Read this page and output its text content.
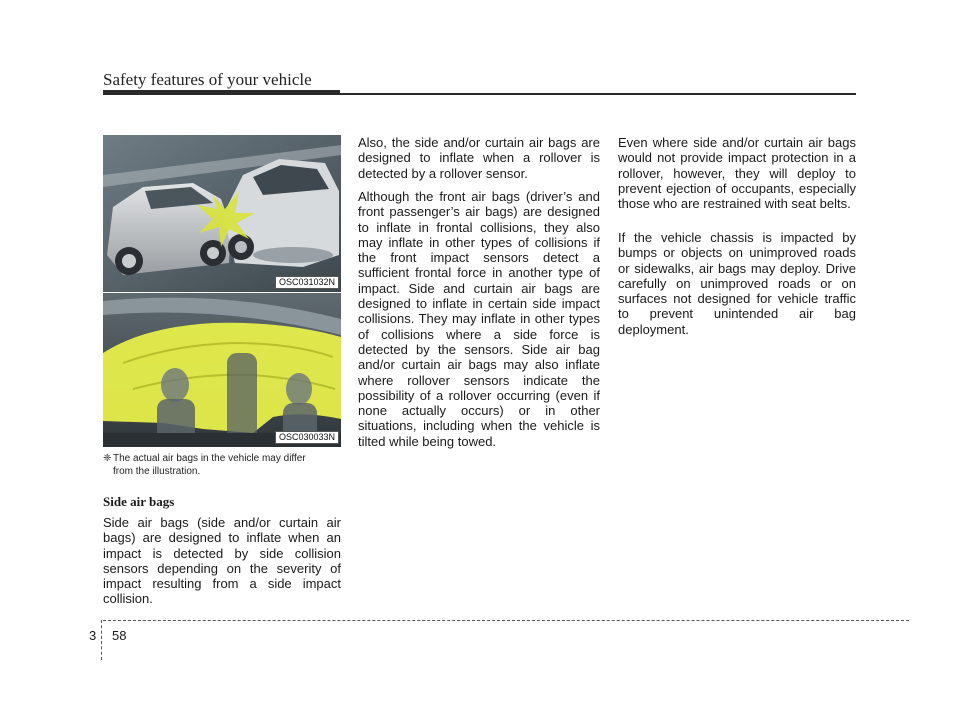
Safety features of your vehicle
OSC031032N
OSC030033N
❈ The actual air bags in the vehicle may differ
from the illustration.
Side air bags

Side air bags (side and/or curtain air bags) are designed to inflate when an impact is detected by side collision sensors depending on the severity of impact resulting from a side impact collision.

Also, the side and/or curtain air bags are designed to inflate when a rollover is detected by a rollover sensor.

Although the front air bags (driver’s and front passenger’s air bags) are designed to inflate in frontal collisions, they also may inflate in other types of collisions if the front impact sensors detect a sufficient frontal force in another type of impact. Side and curtain air bags are designed to inflate in certain side impact collisions. They may inflate in other types of collisions where a side force is detected by the sensors. Side air bag and/or curtain air bags may also inflate where rollover sensors indicate the possibility of a rollover occurring (even if none actually occurs) or in other situations, including when the vehicle is tilted while being towed.

Even where side and/or curtain air bags would not provide impact protection in a rollover, however, they will deploy to prevent ejection of occupants, especially those who are restrained with seat belts.

If the vehicle chassis is impacted by bumps or objects on unimproved roads or sidewalks, air bags may deploy. Drive carefully on unimproved roads or on surfaces not designed for vehicle traffic to prevent unintended air bag deployment.

3 58
